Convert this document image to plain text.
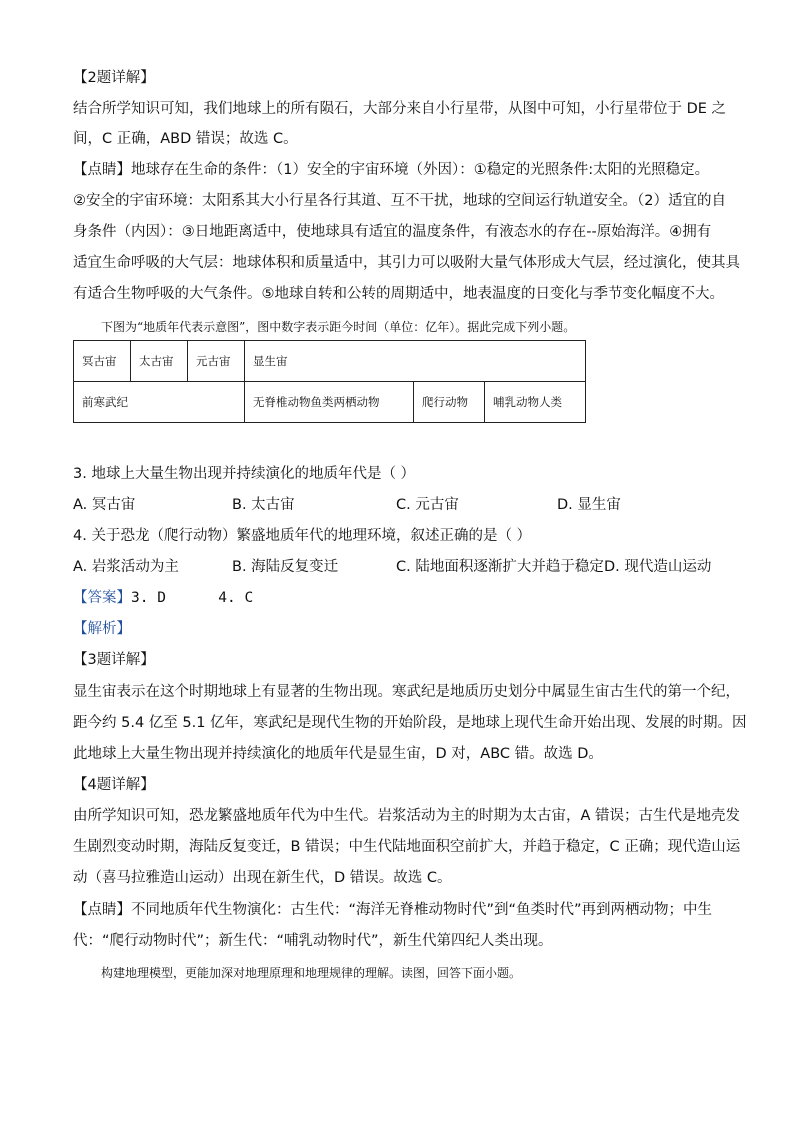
【2题详解】
结合所学知识可知，我们地球上的所有陨石，大部分来自小行星带，从图中可知，小行星带位于 DE 之
间，C 正确，ABD 错误；故选 C。
【点睛】地球存在生命的条件：（1）安全的宇宙环境（外因）：①稳定的光照条件:太阳的光照稳定。
②安全的宇宙环境：太阳系其大小行星各行其道、互不干扰，地球的空间运行轨道安全。（2）适宜的自
身条件（内因）：③日地距离适中，使地球具有适宜的温度条件，有液态水的存在--原始海洋。④拥有
适宜生命呼吸的大气层：地球体积和质量适中，其引力可以吸附大量气体形成大气层，经过演化，使其具
有适合生物呼吸的大气条件。⑤地球自转和公转的周期适中，地表温度的日变化与季节变化幅度不大。
下图为“地质年代表示意图”，图中数字表示距今时间（单位：亿年）。据此完成下列小题。
冥古宙	太古宙	元古宙	显生宙		
前寒武纪			无脊椎动物鱼类两栖动物	爬行动物	哺乳动物人类
3. 地球上大量生物出现并持续演化的地质年代是（ ）
A. 冥古宙	B. 太古宙	C. 元古宙	D. 显生宙
4. 关于恐龙（爬行动物）繁盛地质年代的地理环境，叙述正确的是（ ）
A. 岩浆活动为主	B. 海陆反复变迁	C. 陆地面积逐渐扩大并趋于稳定 D. 现代造山运动
【答案】3. D      4. C
【解析】
【3题详解】
显生宙表示在这个时期地球上有显著的生物出现。寒武纪是地质历史划分中属显生宙古生代的第一个纪，
距今约 5.4 亿至 5.1 亿年，寒武纪是现代生物的开始阶段，是地球上现代生命开始出现、发展的时期。因
此地球上大量生物出现并持续演化的地质年代是显生宙，D 对，ABC 错。故选 D。
【4题详解】
由所学知识可知，恐龙繁盛地质年代为中生代。岩浆活动为主的时期为太古宙，A 错误；古生代是地壳发
生剧烈变动时期，海陆反复变迁，B 错误；中生代陆地面积空前扩大，并趋于稳定，C 正确；现代造山运
动（喜马拉雅造山运动）出现在新生代，D 错误。故选 C。
【点睛】不同地质年代生物演化：古生代：“海洋无脊椎动物时代”到“鱼类时代”再到两栖动物；中生
代：“爬行动物时代”；新生代：“哺乳动物时代”，新生代第四纪人类出现。
构建地理模型，更能加深对地理原理和地理规律的理解。读图，回答下面小题。
